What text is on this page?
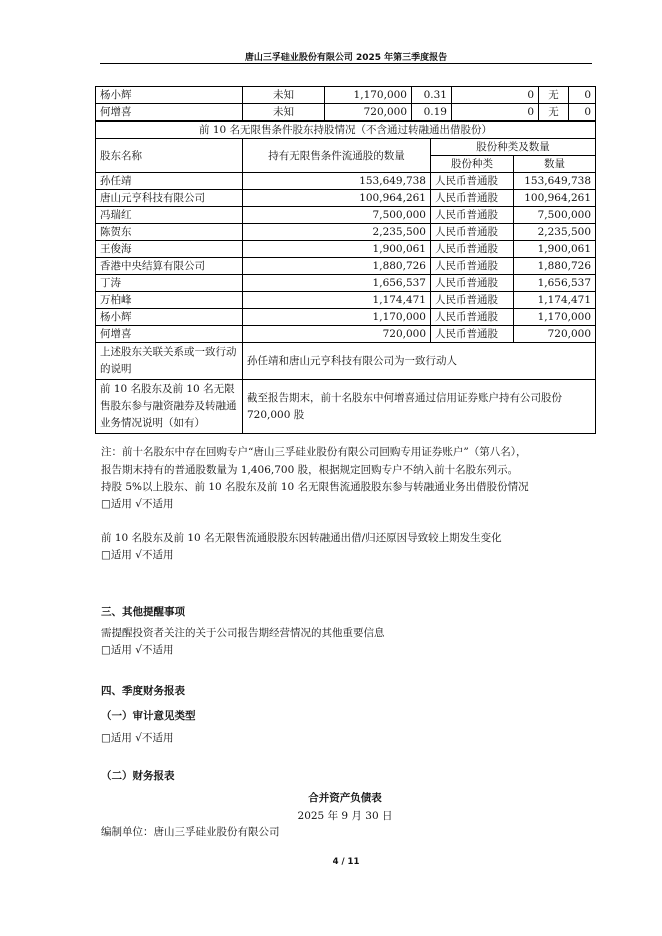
唐山三孚硅业股份有限公司 2025 年第三季度报告
杨小辉	未知	1,170,000	0.31	0	无	0
何增喜	未知	720,000	0.19	0	无	0
前 10 名无限售条件股东持股情况（不含通过转融通出借股份）			
股东名称	持有无限售条件流通股的数量	股份种类及数量	
		股份种类	数量
孙任靖	153,649,738	人民币普通股	153,649,738
唐山元亨科技有限公司	100,964,261	人民币普通股	100,964,261
冯瑞红	7,500,000	人民币普通股	7,500,000
陈贺东	2,235,500	人民币普通股	2,235,500
王俊海	1,900,061	人民币普通股	1,900,061
香港中央结算有限公司	1,880,726	人民币普通股	1,880,726
丁涛	1,656,537	人民币普通股	1,656,537
万柏峰	1,174,471	人民币普通股	1,174,471
杨小辉	1,170,000	人民币普通股	1,170,000
何增喜	720,000	人民币普通股	720,000
上述股东关联关系或一致行动的说明	孙任靖和唐山元亨科技有限公司为一致行动人		
前 10 名股东及前 10 名无限售股东参与融资融券及转融通业务情况说明（如有）	截至报告期末，前十名股东中何增喜通过信用证券账户持有公司股份 720,000 股		
注：前十名股东中存在回购专户“唐山三孚硅业股份有限公司回购专用证券账户”（第八名），
报告期末持有的普通股数量为 1,406,700 股，根据规定回购专户不纳入前十名股东列示。
持股 5%以上股东、前 10 名股东及前 10 名无限售流通股股东参与转融通业务出借股份情况
□适用 √不适用
前 10 名股东及前 10 名无限售流通股股东因转融通出借/归还原因导致较上期发生变化
□适用 √不适用
三、其他提醒事项
需提醒投资者关注的关于公司报告期经营情况的其他重要信息
□适用 √不适用
四、季度财务报表
（一）审计意见类型
□适用 √不适用
（二）财务报表
合并资产负债表
2025 年 9 月 30 日
编制单位：唐山三孚硅业股份有限公司
4 / 11
